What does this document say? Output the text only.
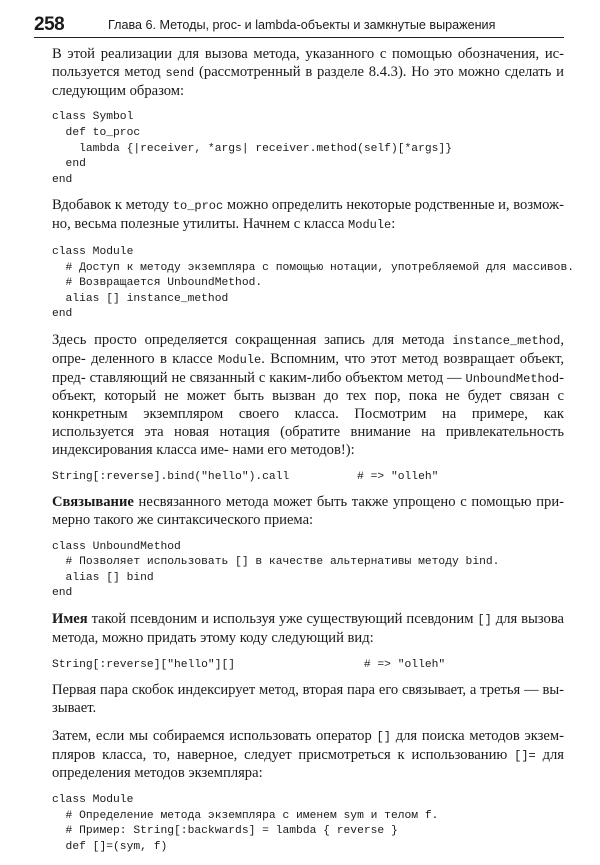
258	Глава 6. Методы, proc- и lambda-объекты и замкнутые выражения

В этой реализации для вызова метода, указанного с помощью обозначения, ис- пользуется метод send (рассмотренный в разделе 8.4.3). Но это можно сделать и следующим образом:

class Symbol
def to_proc
lambda {|receiver, *args| receiver.method(self)[*args]}
end
end

Вдобавок к методу to_proc можно определить некоторые родственные и, возмож- но, весьма полезные утилиты. Начнем с класса Module:

class Module
# Доступ к методу экземпляра с помощью нотации, употребляемой для массивов.
# Возвращается UnboundMethod.
alias [] instance_method
end

Здесь просто определяется сокращенная запись для метода instance_method, опре- деленного в классе Module. Вспомним, что этот метод возвращает объект, пред- ставляющий не связанный с каким-либо объектом метод — UnboundMethod-объект, который не может быть вызван до тех пор, пока не будет связан с конкретным экземпляром своего класса. Посмотрим на примере, как используется эта новая нотация (обратите внимание на привлекательность индексирования класса име- нами его методов!):

String[:reverse].bind("hello").call          # => "olleh"

Связывание несвязанного метода может быть также упрощено с помощью при- мерно такого же синтаксического приема:

class UnboundMethod
# Позволяет использовать [] в качестве альтернативы методу bind.
alias [] bind
end

Имея такой псевдоним и используя уже существующий псевдоним [] для вызова метода, можно придать этому коду следующий вид:

String[:reverse]["hello"][]                   # => "olleh"

Первая пара скобок индексирует метод, вторая пара его связывает, а третья — вы- зывает.

Затем, если мы собираемся использовать оператор [] для поиска методов экзем- пляров класса, то, наверное, следует присмотреться к использованию []= для определения методов экземпляра:

class Module
# Определение метода экземпляра с именем sym и телом f.
# Пример: String[:backwards] = lambda { reverse }
def []=(sym, f)
